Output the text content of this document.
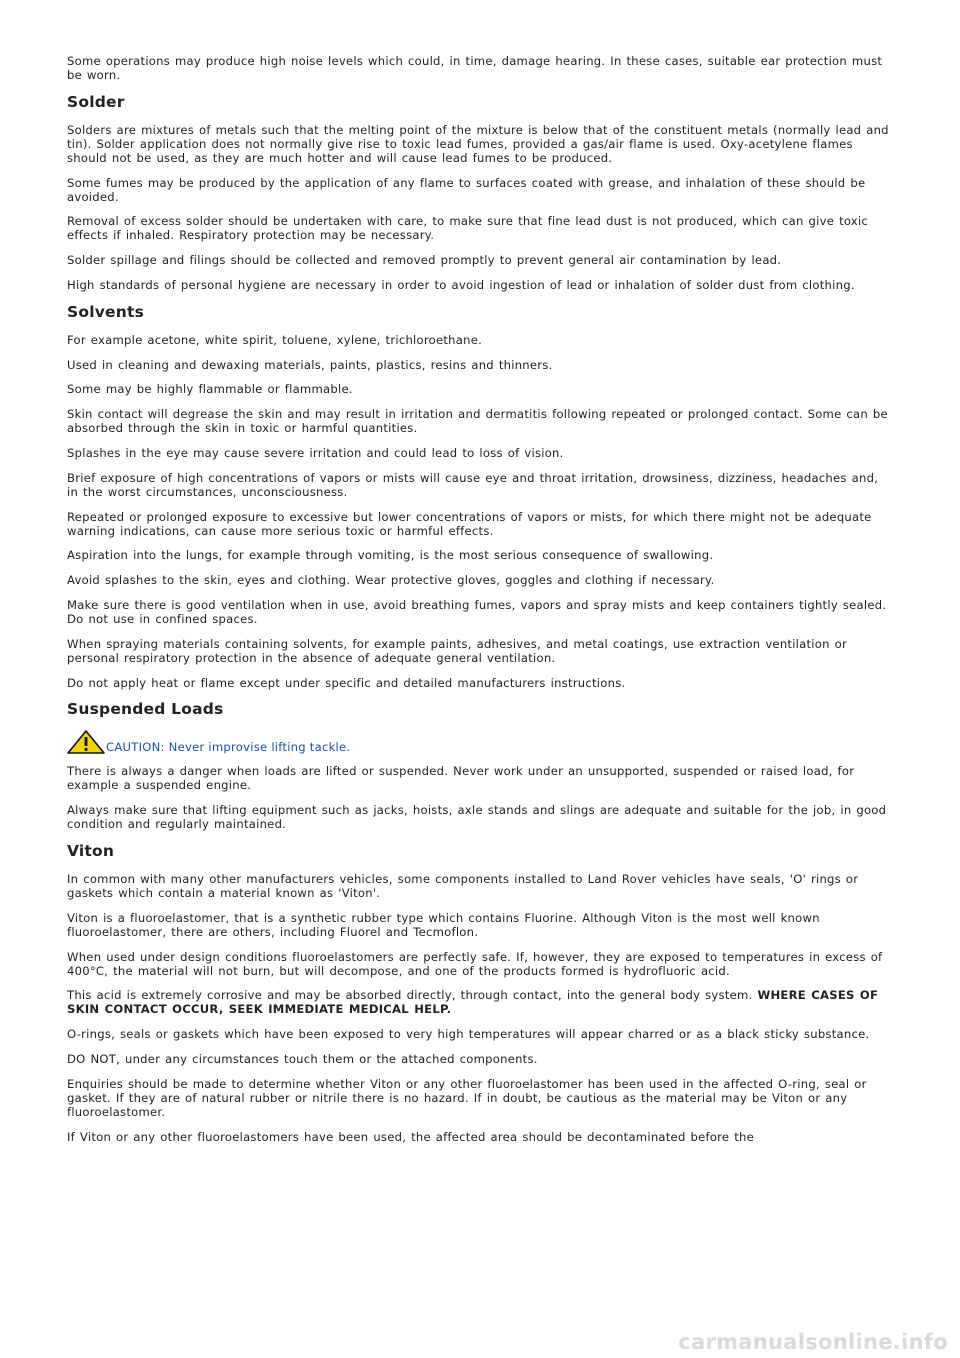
Some operations may produce high noise levels which could, in time, damage hearing. In these cases, suitable ear protection must be worn.

Solder

Solders are mixtures of metals such that the melting point of the mixture is below that of the constituent metals (normally lead and tin). Solder application does not normally give rise to toxic lead fumes, provided a gas/air flame is used. Oxy-acetylene flames should not be used, as they are much hotter and will cause lead fumes to be produced.

Some fumes may be produced by the application of any flame to surfaces coated with grease, and inhalation of these should be avoided.

Removal of excess solder should be undertaken with care, to make sure that fine lead dust is not produced, which can give toxic effects if inhaled. Respiratory protection may be necessary.

Solder spillage and filings should be collected and removed promptly to prevent general air contamination by lead.

High standards of personal hygiene are necessary in order to avoid ingestion of lead or inhalation of solder dust from clothing.

Solvents

For example acetone, white spirit, toluene, xylene, trichloroethane.

Used in cleaning and dewaxing materials, paints, plastics, resins and thinners.

Some may be highly flammable or flammable.

Skin contact will degrease the skin and may result in irritation and dermatitis following repeated or prolonged contact. Some can be absorbed through the skin in toxic or harmful quantities.

Splashes in the eye may cause severe irritation and could lead to loss of vision.

Brief exposure of high concentrations of vapors or mists will cause eye and throat irritation, drowsiness, dizziness, headaches and, in the worst circumstances, unconsciousness.

Repeated or prolonged exposure to excessive but lower concentrations of vapors or mists, for which there might not be adequate warning indications, can cause more serious toxic or harmful effects.

Aspiration into the lungs, for example through vomiting, is the most serious consequence of swallowing.

Avoid splashes to the skin, eyes and clothing. Wear protective gloves, goggles and clothing if necessary.

Make sure there is good ventilation when in use, avoid breathing fumes, vapors and spray mists and keep containers tightly sealed. Do not use in confined spaces.

When spraying materials containing solvents, for example paints, adhesives, and metal coatings, use extraction ventilation or personal respiratory protection in the absence of adequate general ventilation.

Do not apply heat or flame except under specific and detailed manufacturers instructions.

Suspended Loads
CAUTION: Never improvise lifting tackle.

There is always a danger when loads are lifted or suspended. Never work under an unsupported, suspended or raised load, for example a suspended engine.

Always make sure that lifting equipment such as jacks, hoists, axle stands and slings are adequate and suitable for the job, in good condition and regularly maintained.

Viton

In common with many other manufacturers vehicles, some components installed to Land Rover vehicles have seals, 'O' rings or gaskets which contain a material known as 'Viton'.

Viton is a fluoroelastomer, that is a synthetic rubber type which contains Fluorine. Although Viton is the most well known fluoroelastomer, there are others, including Fluorel and Tecmoflon.

When used under design conditions fluoroelastomers are perfectly safe. If, however, they are exposed to temperatures in excess of 400°C, the material will not burn, but will decompose, and one of the products formed is hydrofluoric acid.

This acid is extremely corrosive and may be absorbed directly, through contact, into the general body system. WHERE CASES OF SKIN CONTACT OCCUR, SEEK IMMEDIATE MEDICAL HELP.

O-rings, seals or gaskets which have been exposed to very high temperatures will appear charred or as a black sticky substance.

DO NOT, under any circumstances touch them or the attached components.

Enquiries should be made to determine whether Viton or any other fluoroelastomer has been used in the affected O-ring, seal or gasket. If they are of natural rubber or nitrile there is no hazard. If in doubt, be cautious as the material may be Viton or any fluoroelastomer.

If Viton or any other fluoroelastomers have been used, the affected area should be decontaminated before the

carmanualsonline.info
